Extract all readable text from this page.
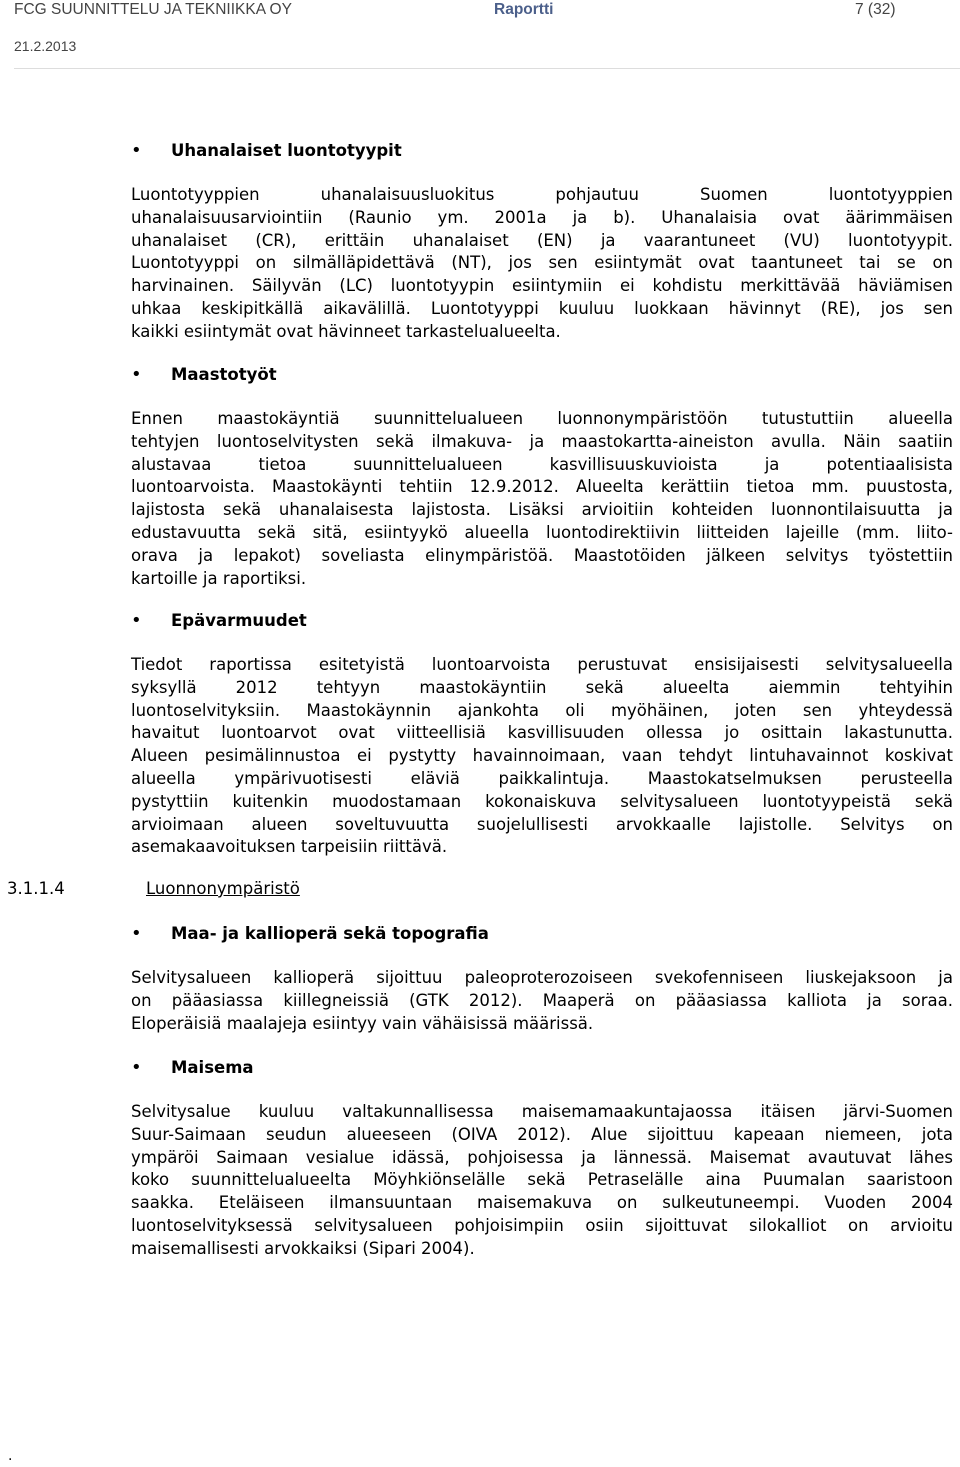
FCG SUUNNITTELU JA TEKNIIKKA OY	Raportti	7 (32)
21.2.2013
• Uhanalaiset luontotyypit
Luontotyyppien uhanalaisuusluokitus pohjautuu Suomen luontotyyppien
uhanalaisuusarviointiin (Raunio ym. 2001a ja b). Uhanalaisia ovat äärimmäisen
uhanalaiset (CR), erittäin uhanalaiset (EN) ja vaarantuneet (VU) luontotyypit.
Luontotyyppi on silmälläpidettävä (NT), jos sen esiintymät ovat taantuneet tai se on
harvinainen. Säilyvän (LC) luontotyypin esiintymiin ei kohdistu merkittävää häviämisen
uhkaa keskipitkällä aikavälillä. Luontotyyppi kuuluu luokkaan hävinnyt (RE), jos sen
kaikki esiintymät ovat hävinneet tarkastelualueelta.
• Maastotyöt
Ennen maastokäyntiä suunnittelualueen luonnonympäristöön tutustuttiin alueella
tehtyjen luontoselvitysten sekä ilmakuva- ja maastokartta-aineiston avulla. Näin saatiin
alustavaa tietoa suunnittelualueen kasvillisuuskuvioista ja potentiaalisista
luontoarvoista. Maastokäynti tehtiin 12.9.2012. Alueelta kerättiin tietoa mm. puustosta,
lajistosta sekä uhanalaisesta lajistosta. Lisäksi arvioitiin kohteiden luonnontilaisuutta ja
edustavuutta sekä sitä, esiintyykö alueella luontodirektiivin liitteiden lajeille (mm. liito-
orava ja lepakot) soveliasta elinympäristöä. Maastotöiden jälkeen selvitys työstettiin
kartoille ja raportiksi.
• Epävarmuudet
Tiedot raportissa esitetyistä luontoarvoista perustuvat ensisijaisesti selvitysalueella
syksyllä 2012 tehtyyn maastokäyntiin sekä alueelta aiemmin tehtyihin
luontoselvityksiin. Maastokäynnin ajankohta oli myöhäinen, joten sen yhteydessä
havaitut luontoarvot ovat viitteellisiä kasvillisuuden ollessa jo osittain lakastunutta.
Alueen pesimälinnustoa ei pystytty havainnoimaan, vaan tehdyt lintuhavainnot koskivat
alueella ympärivuotisesti eläviä paikkalintuja. Maastokatselmuksen perusteella
pystyttiin kuitenkin muodostamaan kokonaiskuva selvitysalueen luontotyypeistä sekä
arvioimaan alueen soveltuvuutta suojelullisesti arvokkaalle lajistolle. Selvitys on
asemakaavoituksen tarpeisiin riittävä.
3.1.1.4	Luonnonympäristö
• Maa- ja kallioperä sekä topografia
Selvitysalueen kallioperä sijoittuu paleoproterozoiseen svekofenniseen liuskejaksoon ja
on pääasiassa kiillegneissiä (GTK 2012). Maaperä on pääasiassa kalliota ja soraa.
Eloperäisiä maalajeja esiintyy vain vähäisissä määrissä.
• Maisema
Selvitysalue kuuluu valtakunnallisessa maisemamaakuntajaossa itäisen järvi-Suomen
Suur-Saimaan seudun alueeseen (OIVA 2012). Alue sijoittuu kapeaan niemeen, jota
ympäröi Saimaan vesialue idässä, pohjoisessa ja lännessä. Maisemat avautuvat lähes
koko suunnittelualueelta Möyhkiönselälle sekä Petraselälle aina Puumalan saaristoon
saakka. Eteläiseen ilmansuuntaan maisemakuva on sulkeutuneempi. Vuoden 2004
luontoselvityksessä selvitysalueen pohjoisimpiin osiin sijoittuvat silokalliot on arvioitu
maisemallisesti arvokkaiksi (Sipari 2004).
.
